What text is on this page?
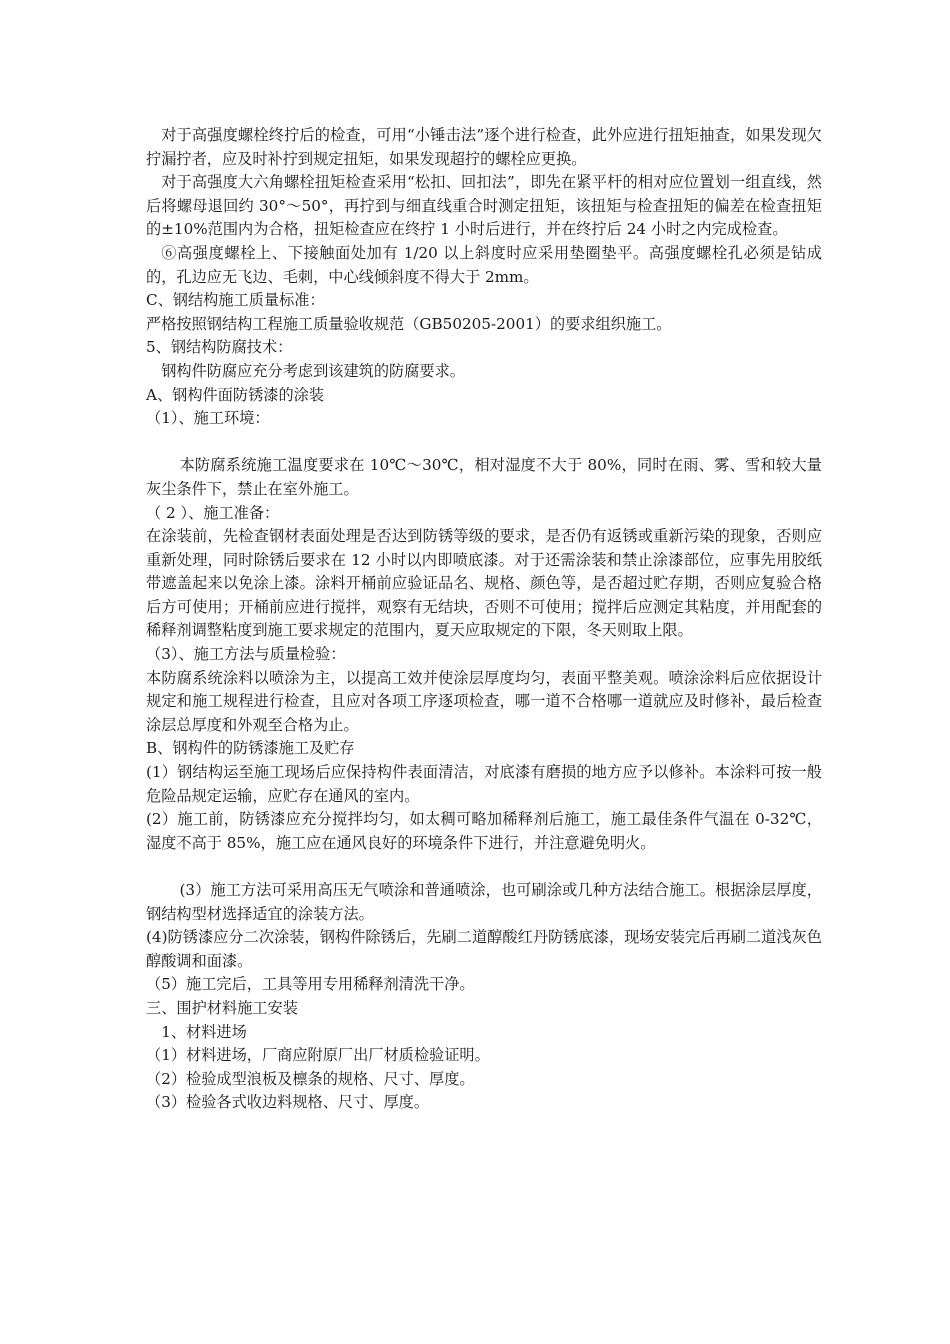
对于高强度螺栓终拧后的检查，可用“小锤击法”逐个进行检查，此外应进行扭矩抽查，如果发现欠拧漏拧者，应及时补拧到规定扭矩，如果发现超拧的螺栓应更换。

对于高强度大六角螺栓扭矩检查采用“松扣、回扣法”，即先在紧平杆的相对应位置划一组直线，然后将螺母退回约 30°～50°，再拧到与细直线重合时测定扭矩，该扭矩与检查扭矩的偏差在检查扭矩的±10%范围内为合格，扭矩检查应在终拧 1 小时后进行，并在终拧后 24 小时之内完成检查。

⑥高强度螺栓上、下接触面处加有 1/20 以上斜度时应采用垫圈垫平。高强度螺栓孔必须是钻成的，孔边应无飞边、毛刺，中心线倾斜度不得大于 2mm。

C、钢结构施工质量标准：

严格按照钢结构工程施工质量验收规范（GB50205-2001）的要求组织施工。

5、钢结构防腐技术：

钢构件防腐应充分考虑到该建筑的防腐要求。

A、钢构件面防锈漆的涂装

（1）、施工环境：

本防腐系统施工温度要求在 10℃～30℃，相对湿度不大于 80%，同时在雨、雾、雪和较大量灰尘条件下，禁止在室外施工。

（ 2 ）、施工准备：

在涂装前，先检查钢材表面处理是否达到防锈等级的要求，是否仍有返锈或重新污染的现象，否则应重新处理，同时除锈后要求在 12 小时以内即喷底漆。对于还需涂装和禁止涂漆部位，应事先用胶纸带遮盖起来以免涂上漆。涂料开桶前应验证品名、规格、颜色等，是否超过贮存期，否则应复验合格后方可使用；开桶前应进行搅拌，观察有无结块，否则不可使用；搅拌后应测定其粘度，并用配套的稀释剂调整粘度到施工要求规定的范围内，夏天应取规定的下限，冬天则取上限。

（3）、施工方法与质量检验：

本防腐系统涂料以喷涂为主，以提高工效并使涂层厚度均匀，表面平整美观。喷涂涂料后应依据设计规定和施工规程进行检查，且应对各项工序逐项检查，哪一道不合格哪一道就应及时修补，最后检查涂层总厚度和外观至合格为止。

B、钢构件的防锈漆施工及贮存

(1）钢结构运至施工现场后应保持构件表面清洁，对底漆有磨损的地方应予以修补。本涂料可按一般危险品规定运输，应贮存在通风的室内。

(2）施工前，防锈漆应充分搅拌均匀，如太稠可略加稀释剂后施工，施工最佳条件气温在 0-32℃，湿度不高于 85%，施工应在通风良好的环境条件下进行，并注意避免明火。

(3）施工方法可采用高压无气喷涂和普通喷涂，也可刷涂或几种方法结合施工。根据涂层厚度，钢结构型材选择适宜的涂装方法。

(4)防锈漆应分二次涂装，钢构件除锈后，先刷二道醇酸红丹防锈底漆，现场安装完后再刷二道浅灰色醇酸调和面漆。

（5）施工完后，工具等用专用稀释剂清洗干净。

三、围护材料施工安装

1、材料进场

（1）材料进场，厂商应附原厂出厂材质检验证明。

（2）检验成型浪板及檩条的规格、尺寸、厚度。

（3）检验各式收边料规格、尺寸、厚度。
